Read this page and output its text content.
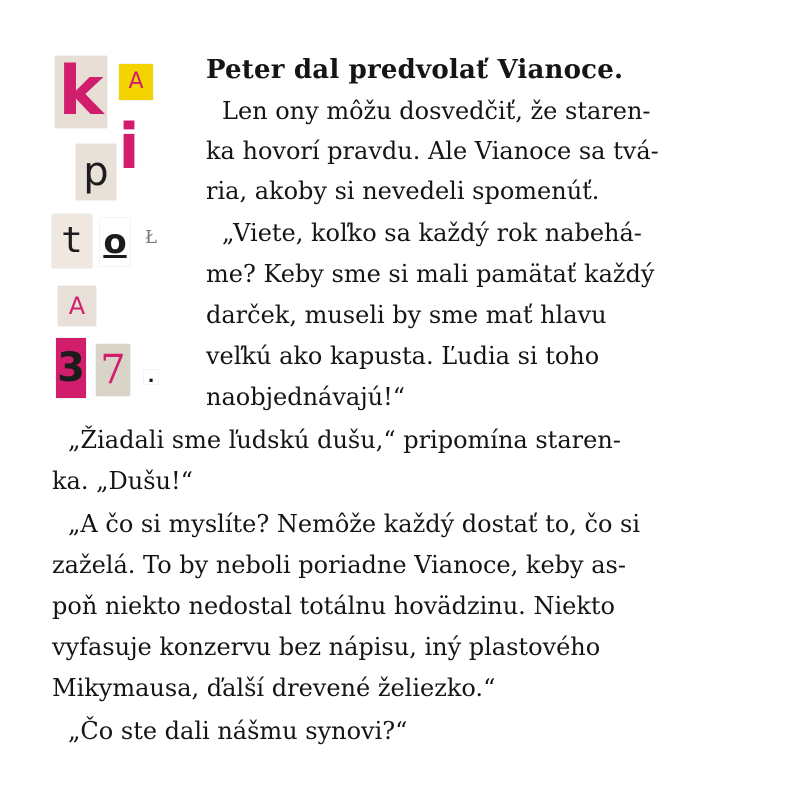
k	A
i
p
t o Ł
A
3 7 .
Peter dal predvolať Vianoce.
Len ony môžu dosvedčiť, že staren-
ka hovorí pravdu. Ale Vianoce sa tvá-
ria, akoby si nevedeli spomenúť.
„Viete, koľko sa každý rok nabehá-
me? Keby sme si mali pamätať každý
darček, museli by sme mať hlavu
veľkú ako kapusta. Ľudia si toho
naobjednávajú!“
„Žiadali sme ľudskú dušu,“ pripomína staren-
ka. „Dušu!“
„A čo si myslíte? Nemôže každý dostať to, čo si
zaželá. To by neboli poriadne Vianoce, keby as-
poň niekto nedostal totálnu hovädzinu. Niekto
vyfasuje konzervu bez nápisu, iný plastového
Mikymausa, ďalší drevené želiezko.“
„Čo ste dali nášmu synovi?“
